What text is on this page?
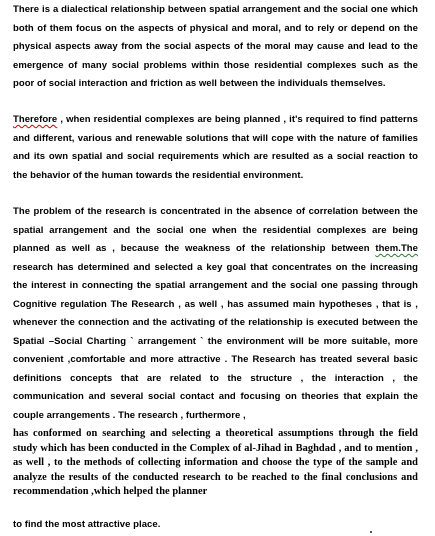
There is a dialectical relationship between spatial arrangement and the social one which both of them focus on the aspects of physical and moral, and to rely or depend on the physical aspects away from the social aspects of the moral may cause and lead to the emergence of many social problems within those residential complexes such as the poor of social interaction and friction as well between the individuals themselves.

Therefore , when residential complexes are being planned , it's required to find patterns and different, various and renewable solutions that will cope with the nature of families and its own spatial and social requirements which are resulted as a social reaction to the behavior of the human towards the residential environment.

The problem of the research is concentrated in the absence of correlation between the spatial arrangement and the social one when the residential complexes are being planned as well as , because the weakness of the relationship between them.The research has determined and selected a key goal that concentrates on the increasing the interest in connecting the spatial arrangement and the social one passing through Cognitive regulation The Research , as well , has assumed main hypotheses , that is , whenever the connection and the activating of the relationship is executed between the Spatial –Social Charting ` arrangement ` the environment will be more suitable, more convenient ,comfortable and more attractive . The Research has treated several basic definitions concepts that are related to the structure , the interaction , the communication and several social contact and focusing on theories that explain the couple arrangements . The research , furthermore ,

has conformed on searching and selecting a theoretical assumptions through the field study which has been conducted in the Complex of al-Jihad in Baghdad , and to mention , as well , to the methods of collecting information and choose the type of the sample and analyze the results of the conducted research to be reached to the final conclusions and recommendation ,which helped the planner

to find the most attractive place.
